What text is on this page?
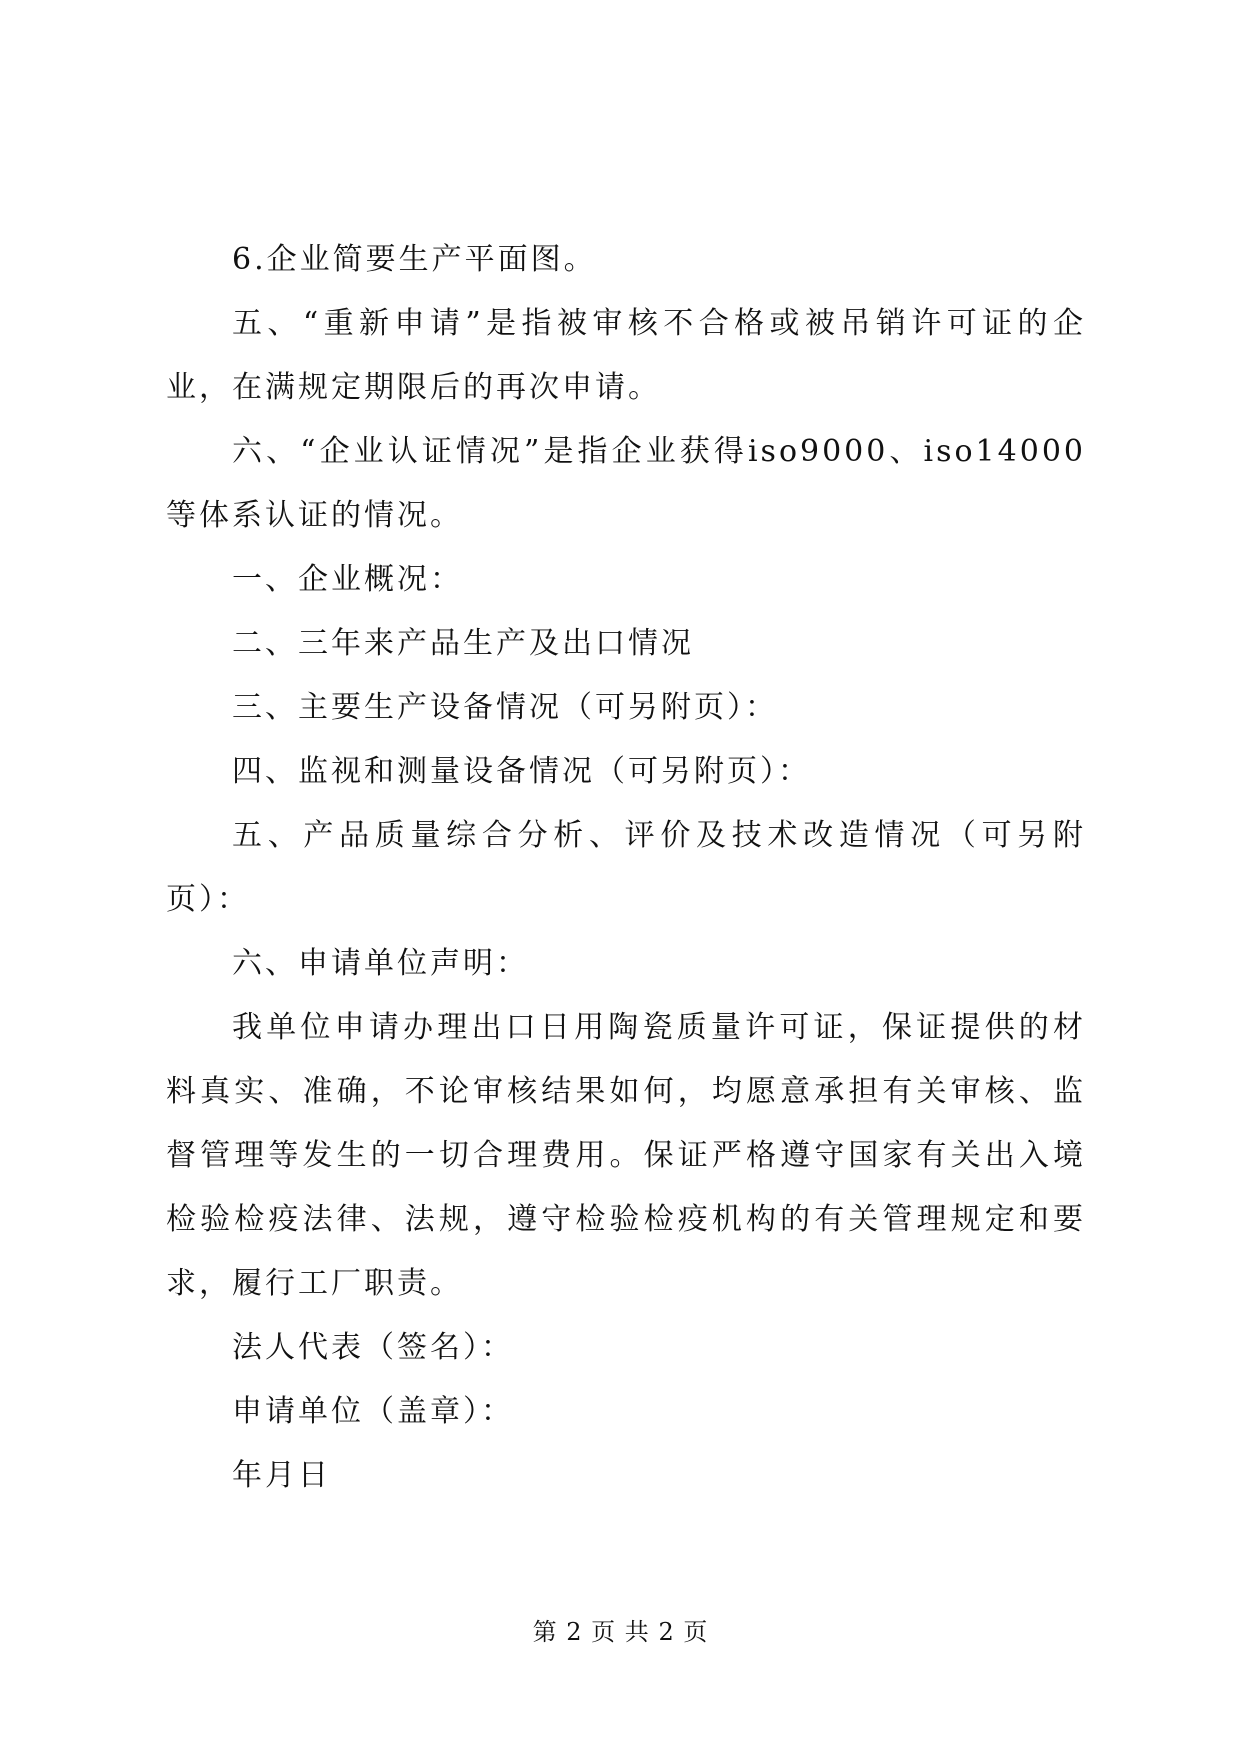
6.企业简要生产平面图。

五、“重新申请”是指被审核不合格或被吊销许可证的企业，在满规定期限后的再次申请。

六、“企业认证情况”是指企业获得iso9000、iso14000等体系认证的情况。

一、企业概况：

二、三年来产品生产及出口情况

三、主要生产设备情况（可另附页）：

四、监视和测量设备情况（可另附页）：

五、产品质量综合分析、评价及技术改造情况（可另附页）：

六、申请单位声明：

我单位申请办理出口日用陶瓷质量许可证，保证提供的材料真实、准确，不论审核结果如何，均愿意承担有关审核、监督管理等发生的一切合理费用。保证严格遵守国家有关出入境检验检疫法律、法规，遵守检验检疫机构的有关管理规定和要求，履行工厂职责。

法人代表（签名）：

申请单位（盖章）：

年月日

第 2 页 共 2 页
